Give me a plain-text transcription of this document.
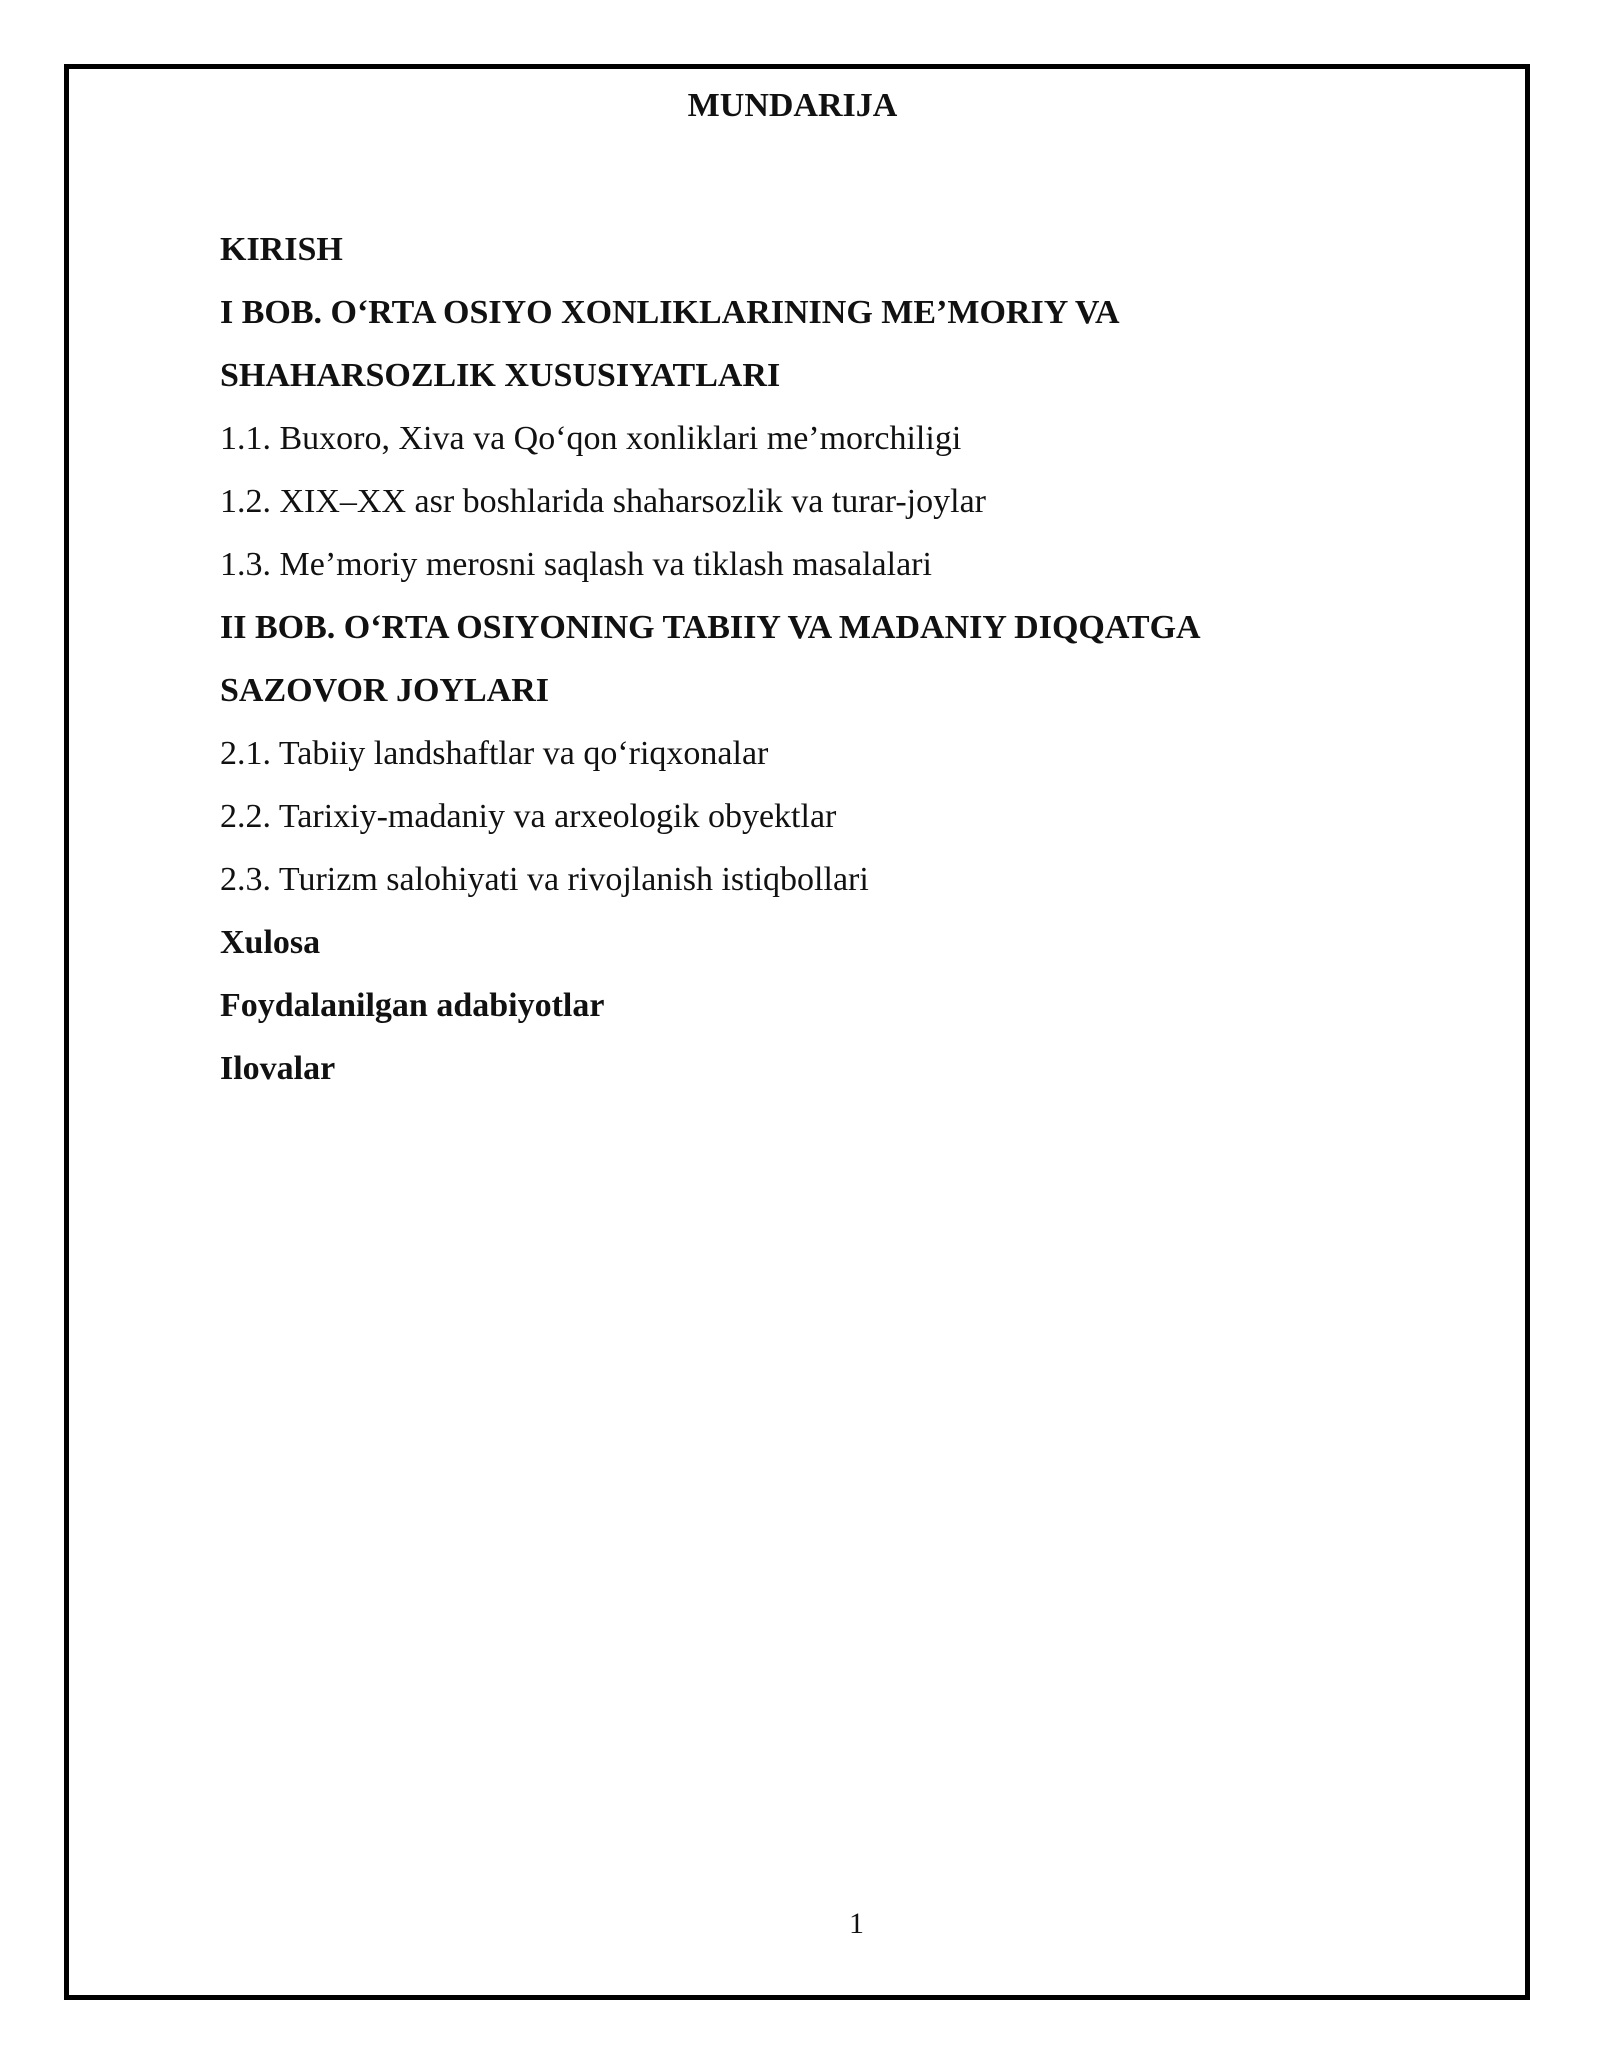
MUNDARIJA
KIRISH
I BOB. O‘RTA OSIYO XONLIKLARINING ME’MORIY VA
SHAHARSOZLIK XUSUSIYATLARI
1.1. Buxoro, Xiva va Qo‘qon xonliklari me’morchiligi
1.2. XIX–XX asr boshlarida shaharsozlik va turar-joylar
1.3. Me’moriy merosni saqlash va tiklash masalalari
II BOB. O‘RTA OSIYONING TABIIY VA MADANIY DIQQATGA
SAZOVOR JOYLARI
2.1. Tabiiy landshaftlar va qo‘riqxonalar
2.2. Tarixiy-madaniy va arxeologik obyektlar
2.3. Turizm salohiyati va rivojlanish istiqbollari
Xulosa
Foydalanilgan adabiyotlar
Ilovalar
1
